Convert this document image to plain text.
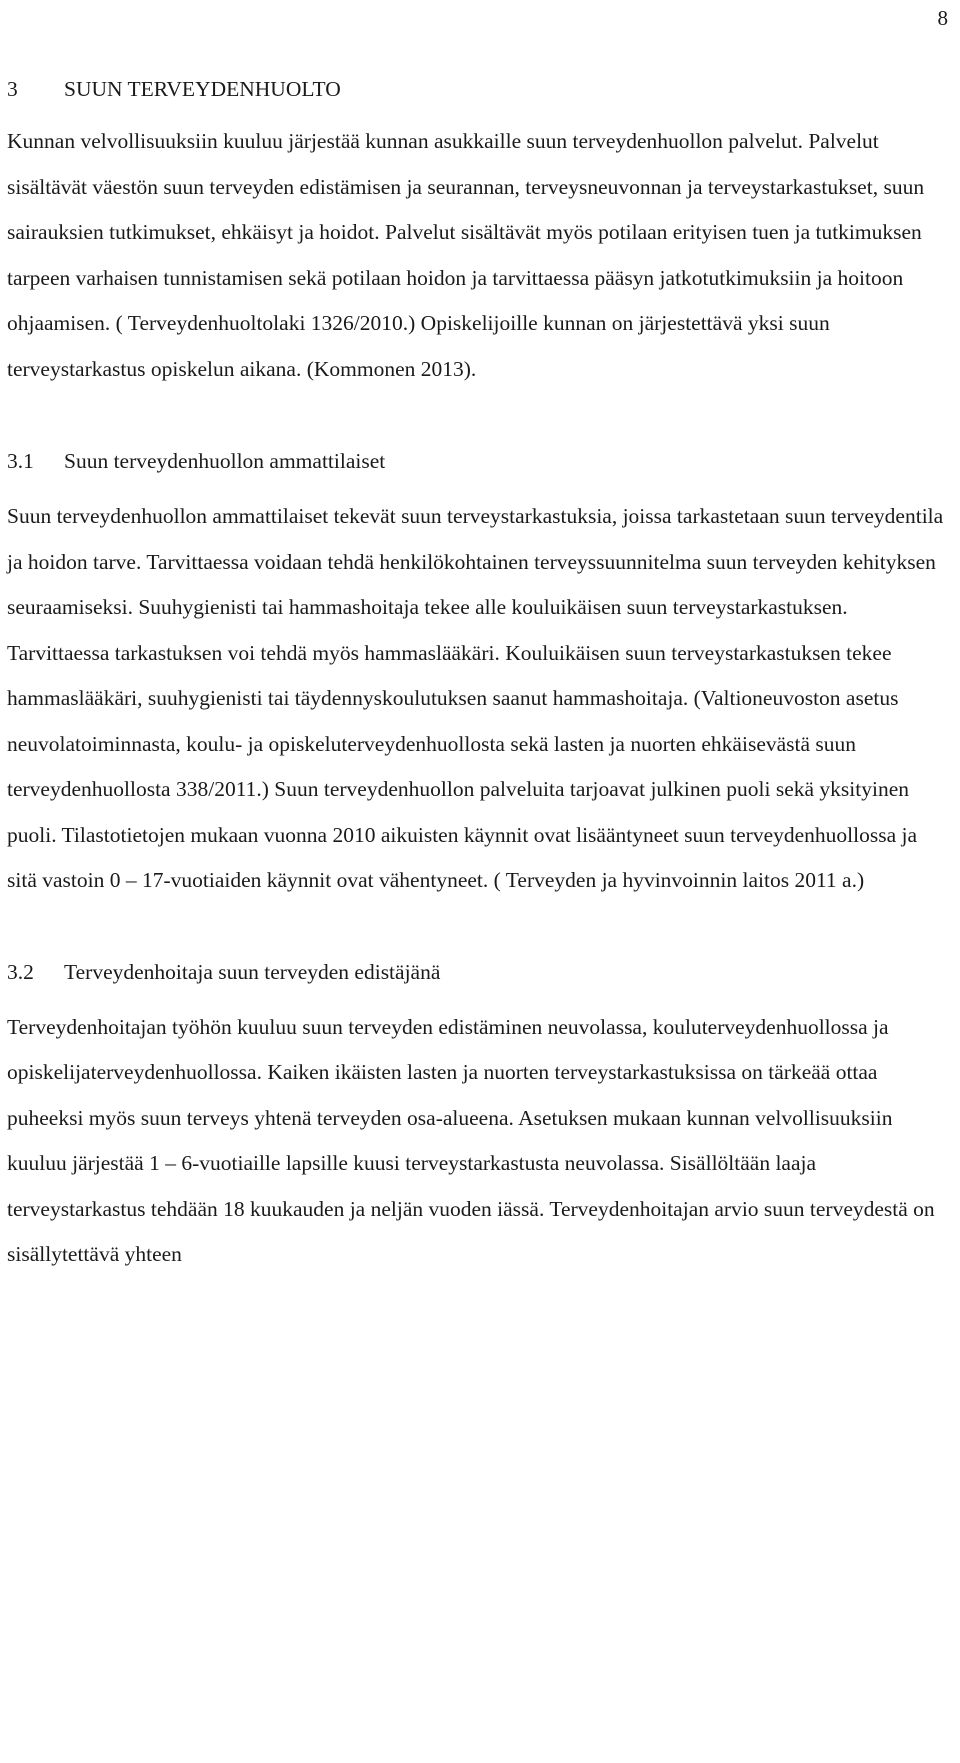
8
3	SUUN TERVEYDENHUOLTO

Kunnan velvollisuuksiin kuuluu järjestää kunnan asukkaille suun terveydenhuollon palvelut. Palvelut sisältävät väestön suun terveyden edistämisen ja seurannan, terveysneuvonnan ja terveystarkastukset, suun sairauksien tutkimukset, ehkäisyt ja hoidot. Palvelut sisältävät myös potilaan erityisen tuen ja tutkimuksen tarpeen varhaisen tunnistamisen sekä potilaan hoidon ja tarvittaessa pääsyn jatkotutkimuksiin ja hoitoon ohjaamisen. ( Terveydenhuoltolaki 1326/2010.) Opiskelijoille kunnan on järjestettävä yksi suun terveystarkastus opiskelun aikana. (Kommonen 2013).

3.1	Suun terveydenhuollon ammattilaiset

Suun terveydenhuollon ammattilaiset tekevät suun terveystarkastuksia, joissa tarkastetaan suun terveydentila ja hoidon tarve. Tarvittaessa voidaan tehdä henkilökohtainen terveyssuunnitelma suun terveyden kehityksen seuraamiseksi. Suuhygienisti tai hammashoitaja tekee alle kouluikäisen suun terveystarkastuksen. Tarvittaessa tarkastuksen voi tehdä myös hammaslääkäri. Kouluikäisen suun terveystarkastuksen tekee hammaslääkäri, suuhygienisti tai täydennyskoulutuksen saanut hammashoitaja. (Valtioneuvoston asetus neuvolatoiminnasta, koulu- ja opiskeluterveydenhuollosta sekä lasten ja nuorten ehkäisevästä suun terveydenhuollosta 338/2011.) Suun terveydenhuollon palveluita tarjoavat julkinen puoli sekä yksityinen puoli. Tilastotietojen mukaan vuonna 2010 aikuisten käynnit ovat lisääntyneet suun terveydenhuollossa ja sitä vastoin 0 – 17-vuotiaiden käynnit ovat vähentyneet. ( Terveyden ja hyvinvoinnin laitos 2011 a.)

3.2	Terveydenhoitaja suun terveyden edistäjänä

Terveydenhoitajan työhön kuuluu suun terveyden edistäminen neuvolassa, kouluterveydenhuollossa ja opiskelijaterveydenhuollossa. Kaiken ikäisten lasten ja nuorten terveystarkastuksissa on tärkeää ottaa puheeksi myös suun terveys yhtenä terveyden osa-alueena. Asetuksen mukaan kunnan velvollisuuksiin kuuluu järjestää 1 – 6-vuotiaille lapsille kuusi terveystarkastusta neuvolassa. Sisällöltään laaja terveystarkastus tehdään 18 kuukauden ja neljän vuoden iässä. Terveydenhoitajan arvio suun terveydestä on sisällytettävä yhteen
